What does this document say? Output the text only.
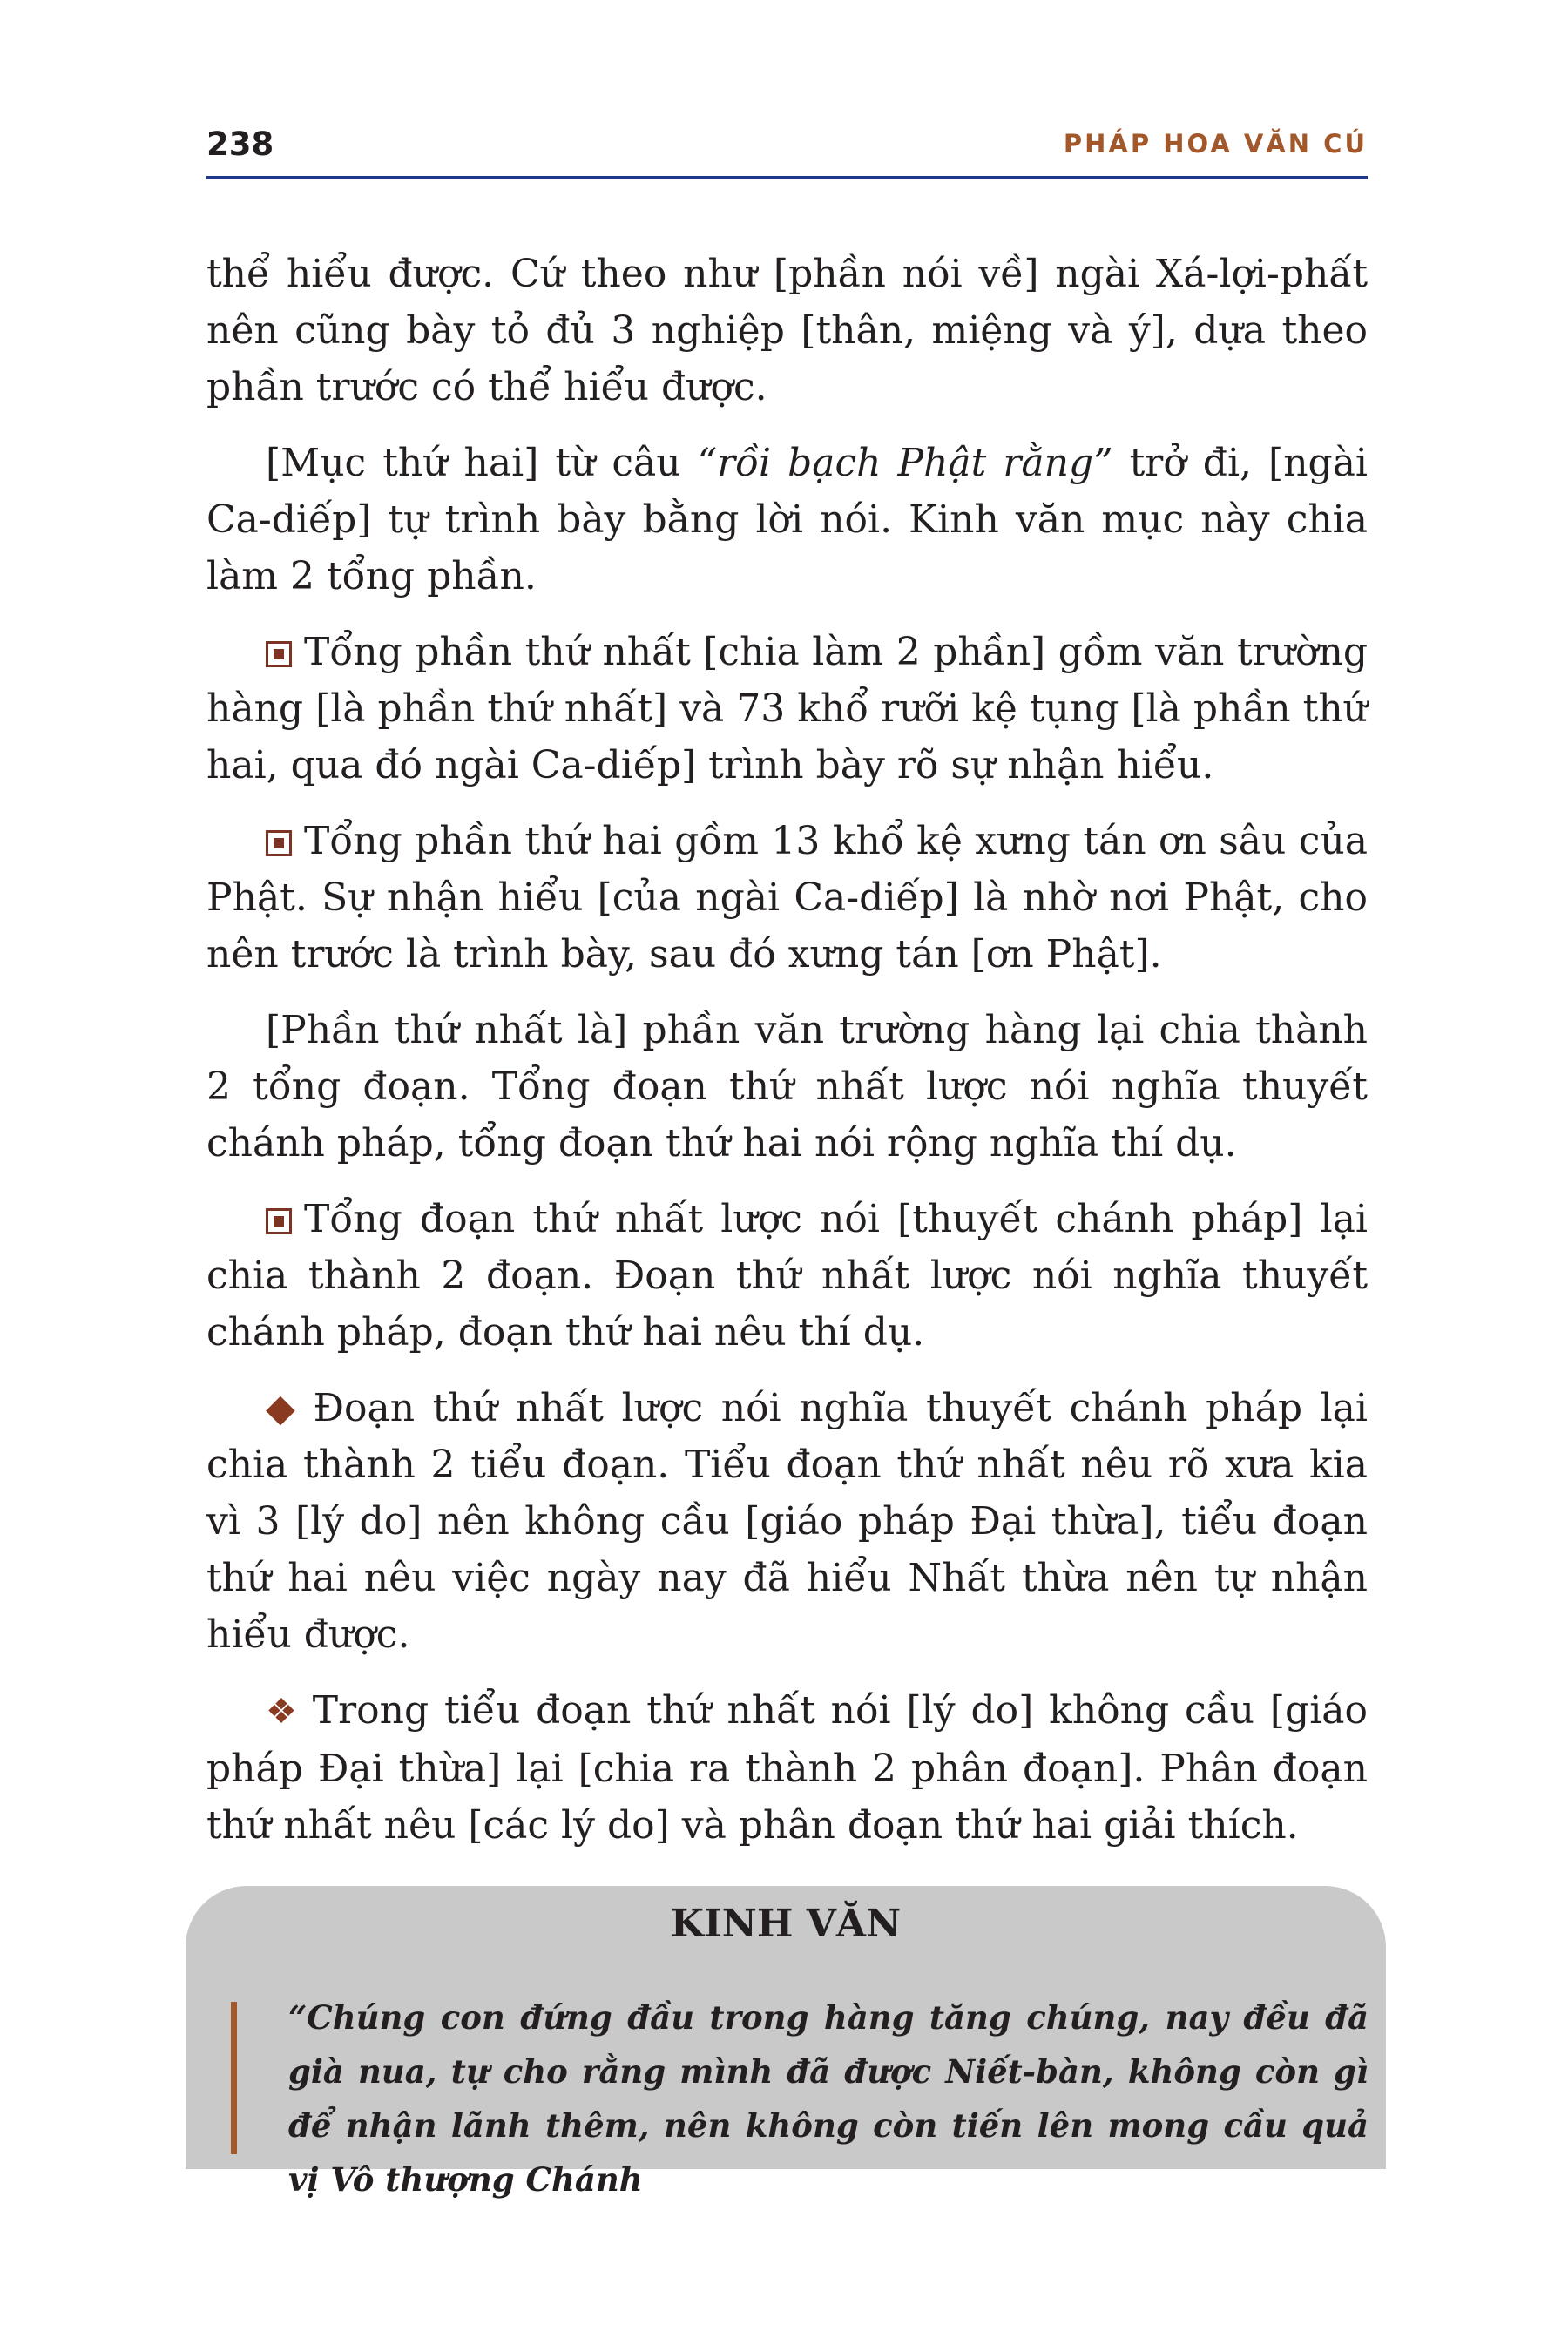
238	PHÁP HOA VĂN CÚ

thể hiểu được. Cứ theo như [phần nói về] ngài Xá-lợi-phất nên cũng bày tỏ đủ 3 nghiệp [thân, miệng và ý], dựa theo phần trước có thể hiểu được.

[Mục thứ hai] từ câu “rồi bạch Phật rằng” trở đi, [ngài Ca-diếp] tự trình bày bằng lời nói. Kinh văn mục này chia làm 2 tổng phần.

Tổng phần thứ nhất [chia làm 2 phần] gồm văn trường hàng [là phần thứ nhất] và 73 khổ rưỡi kệ tụng [là phần thứ hai, qua đó ngài Ca-diếp] trình bày rõ sự nhận hiểu.

Tổng phần thứ hai gồm 13 khổ kệ xưng tán ơn sâu của Phật. Sự nhận hiểu [của ngài Ca-diếp] là nhờ nơi Phật, cho nên trước là trình bày, sau đó xưng tán [ơn Phật].

[Phần thứ nhất là] phần văn trường hàng lại chia thành 2 tổng đoạn. Tổng đoạn thứ nhất lược nói nghĩa thuyết chánh pháp, tổng đoạn thứ hai nói rộng nghĩa thí dụ.

Tổng đoạn thứ nhất lược nói [thuyết chánh pháp] lại chia thành 2 đoạn. Đoạn thứ nhất lược nói nghĩa thuyết chánh pháp, đoạn thứ hai nêu thí dụ.

◆ Đoạn thứ nhất lược nói nghĩa thuyết chánh pháp lại chia thành 2 tiểu đoạn. Tiểu đoạn thứ nhất nêu rõ xưa kia vì 3 [lý do] nên không cầu [giáo pháp Đại thừa], tiểu đoạn thứ hai nêu việc ngày nay đã hiểu Nhất thừa nên tự nhận hiểu được.

❖ Trong tiểu đoạn thứ nhất nói [lý do] không cầu [giáo pháp Đại thừa] lại [chia ra thành 2 phân đoạn]. Phân đoạn thứ nhất nêu [các lý do] và phân đoạn thứ hai giải thích.

KINH VĂN
“Chúng con đứng đầu trong hàng tăng chúng, nay đều đã già nua, tự cho rằng mình đã được Niết-bàn, không còn gì để nhận lãnh thêm, nên không còn tiến lên mong cầu quả vị Vô thượng Chánh
